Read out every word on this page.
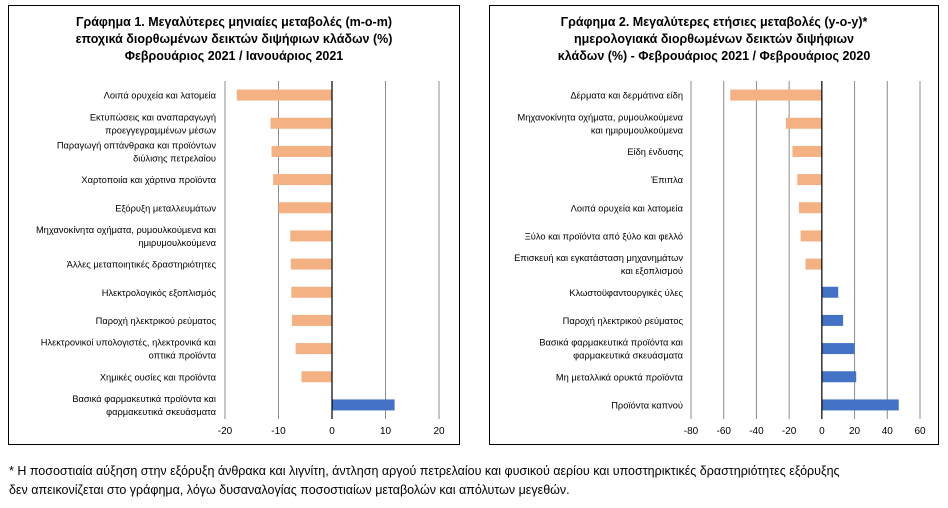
Γράφημα 1. Μεγαλύτερες μηνιαίες μεταβολές (m-o-m)
εποχικά διορθωμένων δεικτών διψήφιων κλάδων (%)
Φεβρουάριος 2021 / Ιανουάριος 2021
Λοιπά ορυχεία και λατομεία
Εκτυπώσεις και αναπαραγωγή προεγγεγραμμένων μέσων
Παραγωγή οπτάνθρακα και προϊόντων διύλισης πετρελαίου
Χαρτοποιία και χάρτινα προϊόντα
Εξόρυξη μεταλλευμάτων
Μηχανοκίνητα οχήματα, ρυμουλκούμενα και ημιρυμουλκούμενα
Άλλες μεταποιητικές δραστηριότητες
Ηλεκτρολογικός εξοπλισμός
Παροχή ηλεκτρικού ρεύματος
Ηλεκτρονικοί υπολογιστές, ηλεκτρονικά και οπτικά προϊόντα
Χημικές ουσίες και προϊόντα
Βασικά φαρμακευτικά προϊόντα και φαρμακευτικά σκευάσματα
-20	-10	0	10	20
Γράφημα 2. Μεγαλύτερες ετήσιες μεταβολές (y-o-y)*
ημερολογιακά διορθωμένων δεικτών διψήφιων
κλάδων (%) - Φεβρουάριος 2021 / Φεβρουάριος 2020
Δέρματα και δερμάτινα είδη
Μηχανοκίνητα οχήματα, ρυμουλκούμενα και ημιρυμουλκούμενα
Είδη ένδυσης
Έπιπλα
Λοιπά ορυχεία και λατομεία
Ξύλο και προϊόντα από ξύλο και φελλό
Επισκευή και εγκατάσταση μηχανημάτων και εξοπλισμού
Κλωστοϋφαντουργικές ύλες
Παροχή ηλεκτρικού ρεύματος
Βασικά φαρμακευτικά προϊόντα και φαρμακευτικά σκευάσματα
Μη μεταλλικά ορυκτά προϊόντα
Προϊόντα καπνού
-80 -60 -40 -20 0 20 40 60
* Η ποσοστιαία αύξηση στην εξόρυξη άνθρακα και λιγνίτη, άντληση αργού πετρελαίου και φυσικού αερίου και υποστηρικτικές δραστηριότητες εξόρυξης
δεν απεικονίζεται στο γράφημα, λόγω δυσαναλογίας ποσοστιαίων μεταβολών και απόλυτων μεγεθών.
